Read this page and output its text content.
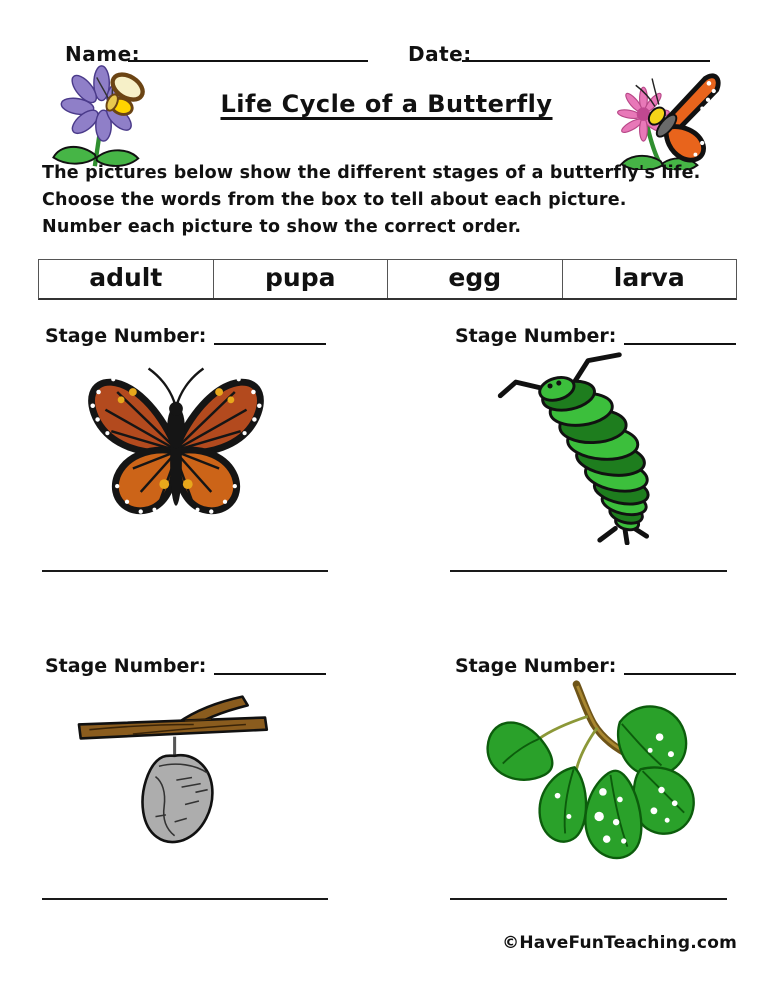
Name:	Date:
Life Cycle of a Butterfly
The pictures below show the different stages of a butterfly's life.
Choose the words from the box to tell about each picture.
Number each picture to show the correct order.
adult	pupa	egg	larva
Stage Number:	Stage Number:
Stage Number:	Stage Number:
©HaveFunTeaching.com
